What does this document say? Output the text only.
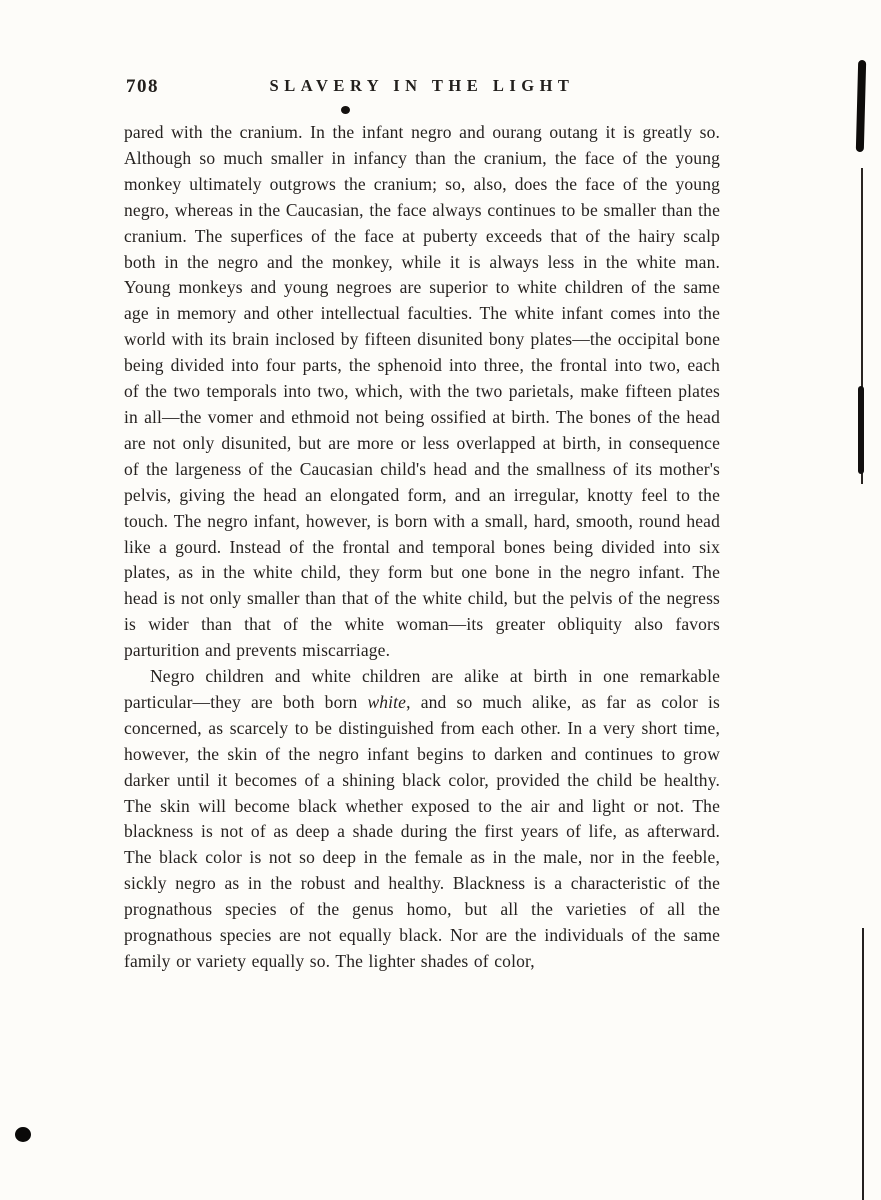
708	SLAVERY IN THE LIGHT

pared with the cranium. In the infant negro and ourang outang it is greatly so. Although so much smaller in infancy than the cranium, the face of the young monkey ultimately outgrows the cranium; so, also, does the face of the young negro, whereas in the Caucasian, the face always continues to be smaller than the cranium. The superfices of the face at puberty exceeds that of the hairy scalp both in the negro and the monkey, while it is always less in the white man. Young monkeys and young negroes are superior to white children of the same age in memory and other intellectual faculties. The white infant comes into the world with its brain inclosed by fifteen disunited bony plates—the occipital bone being divided into four parts, the sphenoid into three, the frontal into two, each of the two temporals into two, which, with the two parietals, make fifteen plates in all—the vomer and ethmoid not being ossified at birth. The bones of the head are not only disunited, but are more or less overlapped at birth, in consequence of the largeness of the Caucasian child's head and the smallness of its mother's pelvis, giving the head an elongated form, and an irregular, knotty feel to the touch. The negro infant, however, is born with a small, hard, smooth, round head like a gourd. Instead of the frontal and temporal bones being divided into six plates, as in the white child, they form but one bone in the negro infant. The head is not only smaller than that of the white child, but the pelvis of the negress is wider than that of the white woman—its greater obliquity also favors parturition and prevents miscarriage.

Negro children and white children are alike at birth in one remarkable particular—they are both born white, and so much alike, as far as color is concerned, as scarcely to be distinguished from each other. In a very short time, however, the skin of the negro infant begins to darken and continues to grow darker until it becomes of a shining black color, provided the child be healthy. The skin will become black whether exposed to the air and light or not. The blackness is not of as deep a shade during the first years of life, as afterward. The black color is not so deep in the female as in the male, nor in the feeble, sickly negro as in the robust and healthy. Blackness is a characteristic of the prognathous species of the genus homo, but all the varieties of all the prognathous species are not equally black. Nor are the individuals of the same family or variety equally so. The lighter shades of color,
